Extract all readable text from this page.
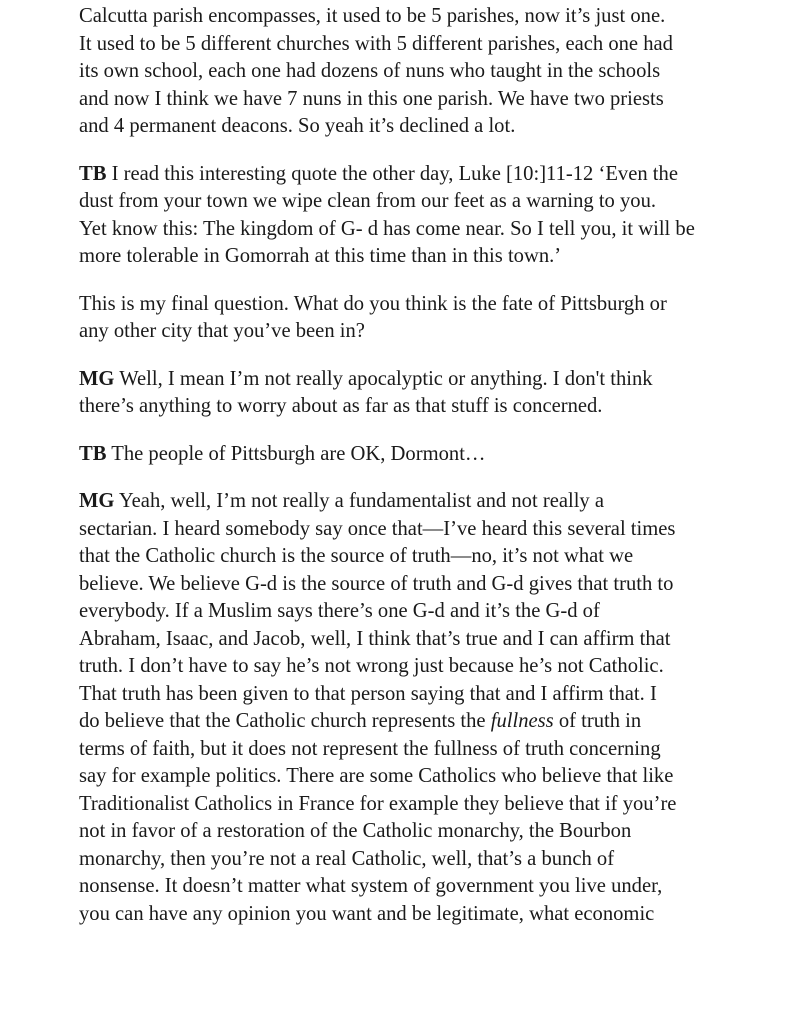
Calcutta parish encompasses, it used to be 5 parishes, now it’s just one.
It used to be 5 different churches with 5 different parishes, each one had
its own school, each one had dozens of nuns who taught in the schools
and now I think we have 7 nuns in this one parish. We have two priests
and 4 permanent deacons. So yeah it’s declined a lot.

TB I read this interesting quote the other day, Luke [10:]11-12 ‘Even the
dust from your town we wipe clean from our feet as a warning to you.
Yet know this: The kingdom of G- d has come near. So I tell you, it will be
more tolerable in Gomorrah at this time than in this town.’

This is my final question. What do you think is the fate of Pittsburgh or
any other city that you’ve been in?

MG Well, I mean I’m not really apocalyptic or anything. I don't think
there’s anything to worry about as far as that stuff is concerned.

TB The people of Pittsburgh are OK, Dormont…

MG Yeah, well, I’m not really a fundamentalist and not really a
sectarian. I heard somebody say once that—I’ve heard this several times
that the Catholic church is the source of truth—no, it’s not what we
believe. We believe G-d is the source of truth and G-d gives that truth to
everybody. If a Muslim says there’s one G-d and it’s the G-d of
Abraham, Isaac, and Jacob, well, I think that’s true and I can affirm that
truth. I don’t have to say he’s not wrong just because he’s not Catholic.
That truth has been given to that person saying that and I affirm that. I
do believe that the Catholic church represents the fullness of truth in
terms of faith, but it does not represent the fullness of truth concerning
say for example politics. There are some Catholics who believe that like
Traditionalist Catholics in France for example they believe that if you’re
not in favor of a restoration of the Catholic monarchy, the Bourbon
monarchy, then you’re not a real Catholic, well, that’s a bunch of
nonsense. It doesn’t matter what system of government you live under,
you can have any opinion you want and be legitimate, what economic
